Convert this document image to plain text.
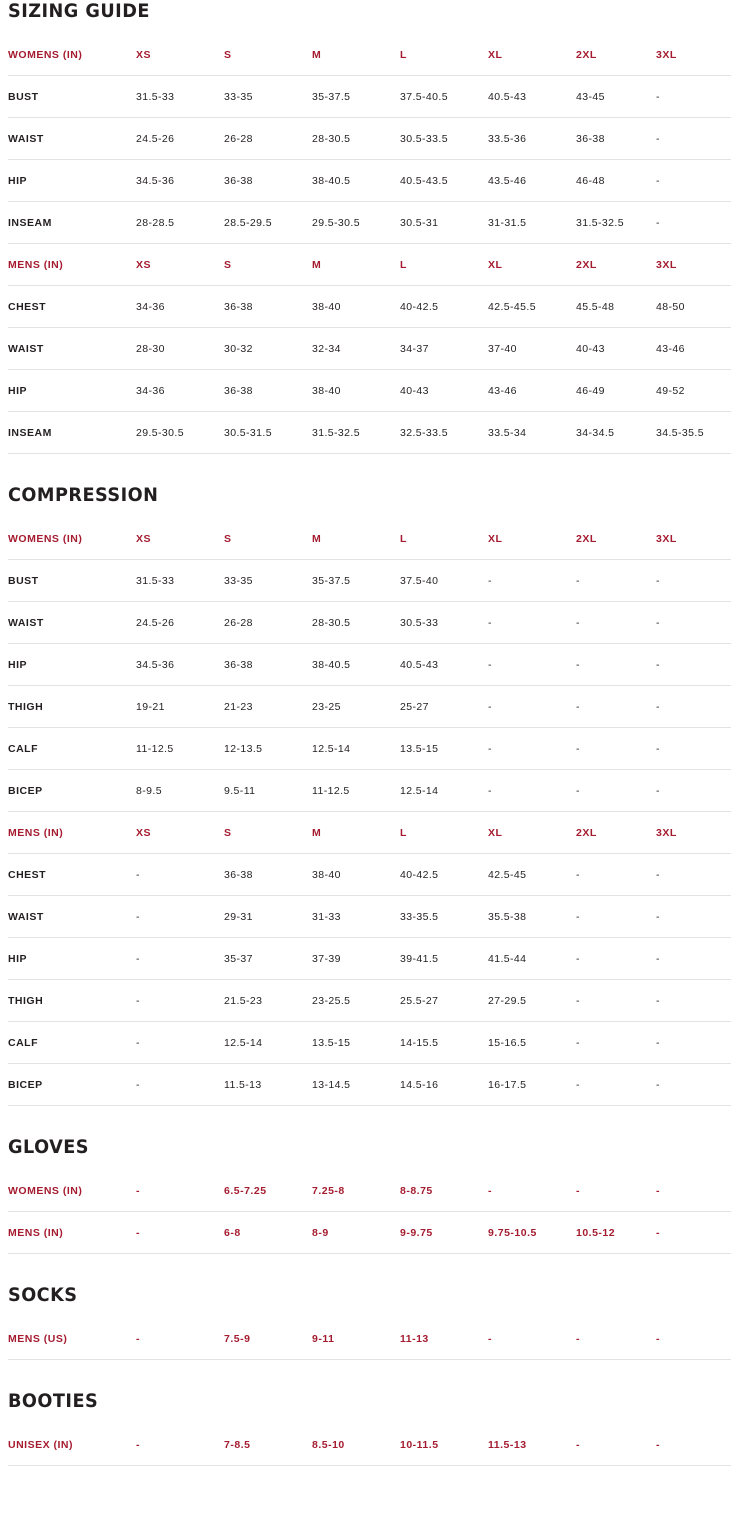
SIZING GUIDE
WOMENS (IN)	XS	S	M	L	XL	2XL	3XL
BUST	31.5-33	33-35	35-37.5	37.5-40.5	40.5-43	43-45	-
WAIST	24.5-26	26-28	28-30.5	30.5-33.5	33.5-36	36-38	-
HIP	34.5-36	36-38	38-40.5	40.5-43.5	43.5-46	46-48	-
INSEAM	28-28.5	28.5-29.5	29.5-30.5	30.5-31	31-31.5	31.5-32.5	-
MENS (IN)	XS	S	M	L	XL	2XL	3XL
CHEST	34-36	36-38	38-40	40-42.5	42.5-45.5	45.5-48	48-50
WAIST	28-30	30-32	32-34	34-37	37-40	40-43	43-46
HIP	34-36	36-38	38-40	40-43	43-46	46-49	49-52
INSEAM	29.5-30.5	30.5-31.5	31.5-32.5	32.5-33.5	33.5-34	34-34.5	34.5-35.5
COMPRESSION
WOMENS (IN)	XS	S	M	L	XL	2XL	3XL
BUST	31.5-33	33-35	35-37.5	37.5-40	-	-	-
WAIST	24.5-26	26-28	28-30.5	30.5-33	-	-	-
HIP	34.5-36	36-38	38-40.5	40.5-43	-	-	-
THIGH	19-21	21-23	23-25	25-27	-	-	-
CALF	11-12.5	12-13.5	12.5-14	13.5-15	-	-	-
BICEP	8-9.5	9.5-11	11-12.5	12.5-14	-	-	-
MENS (IN)	XS	S	M	L	XL	2XL	3XL
CHEST	-	36-38	38-40	40-42.5	42.5-45	-	-
WAIST	-	29-31	31-33	33-35.5	35.5-38	-	-
HIP	-	35-37	37-39	39-41.5	41.5-44	-	-
THIGH	-	21.5-23	23-25.5	25.5-27	27-29.5	-	-
CALF	-	12.5-14	13.5-15	14-15.5	15-16.5	-	-
BICEP	-	11.5-13	13-14.5	14.5-16	16-17.5	-	-
GLOVES
WOMENS (IN)	-	6.5-7.25	7.25-8	8-8.75	-	-	-
MENS (IN)	-	6-8	8-9	9-9.75	9.75-10.5	10.5-12	-
SOCKS
MENS (US)	-	7.5-9	9-11	11-13	-	-	-
BOOTIES
UNISEX (IN)	-	7-8.5	8.5-10	10-11.5	11.5-13	-	-
